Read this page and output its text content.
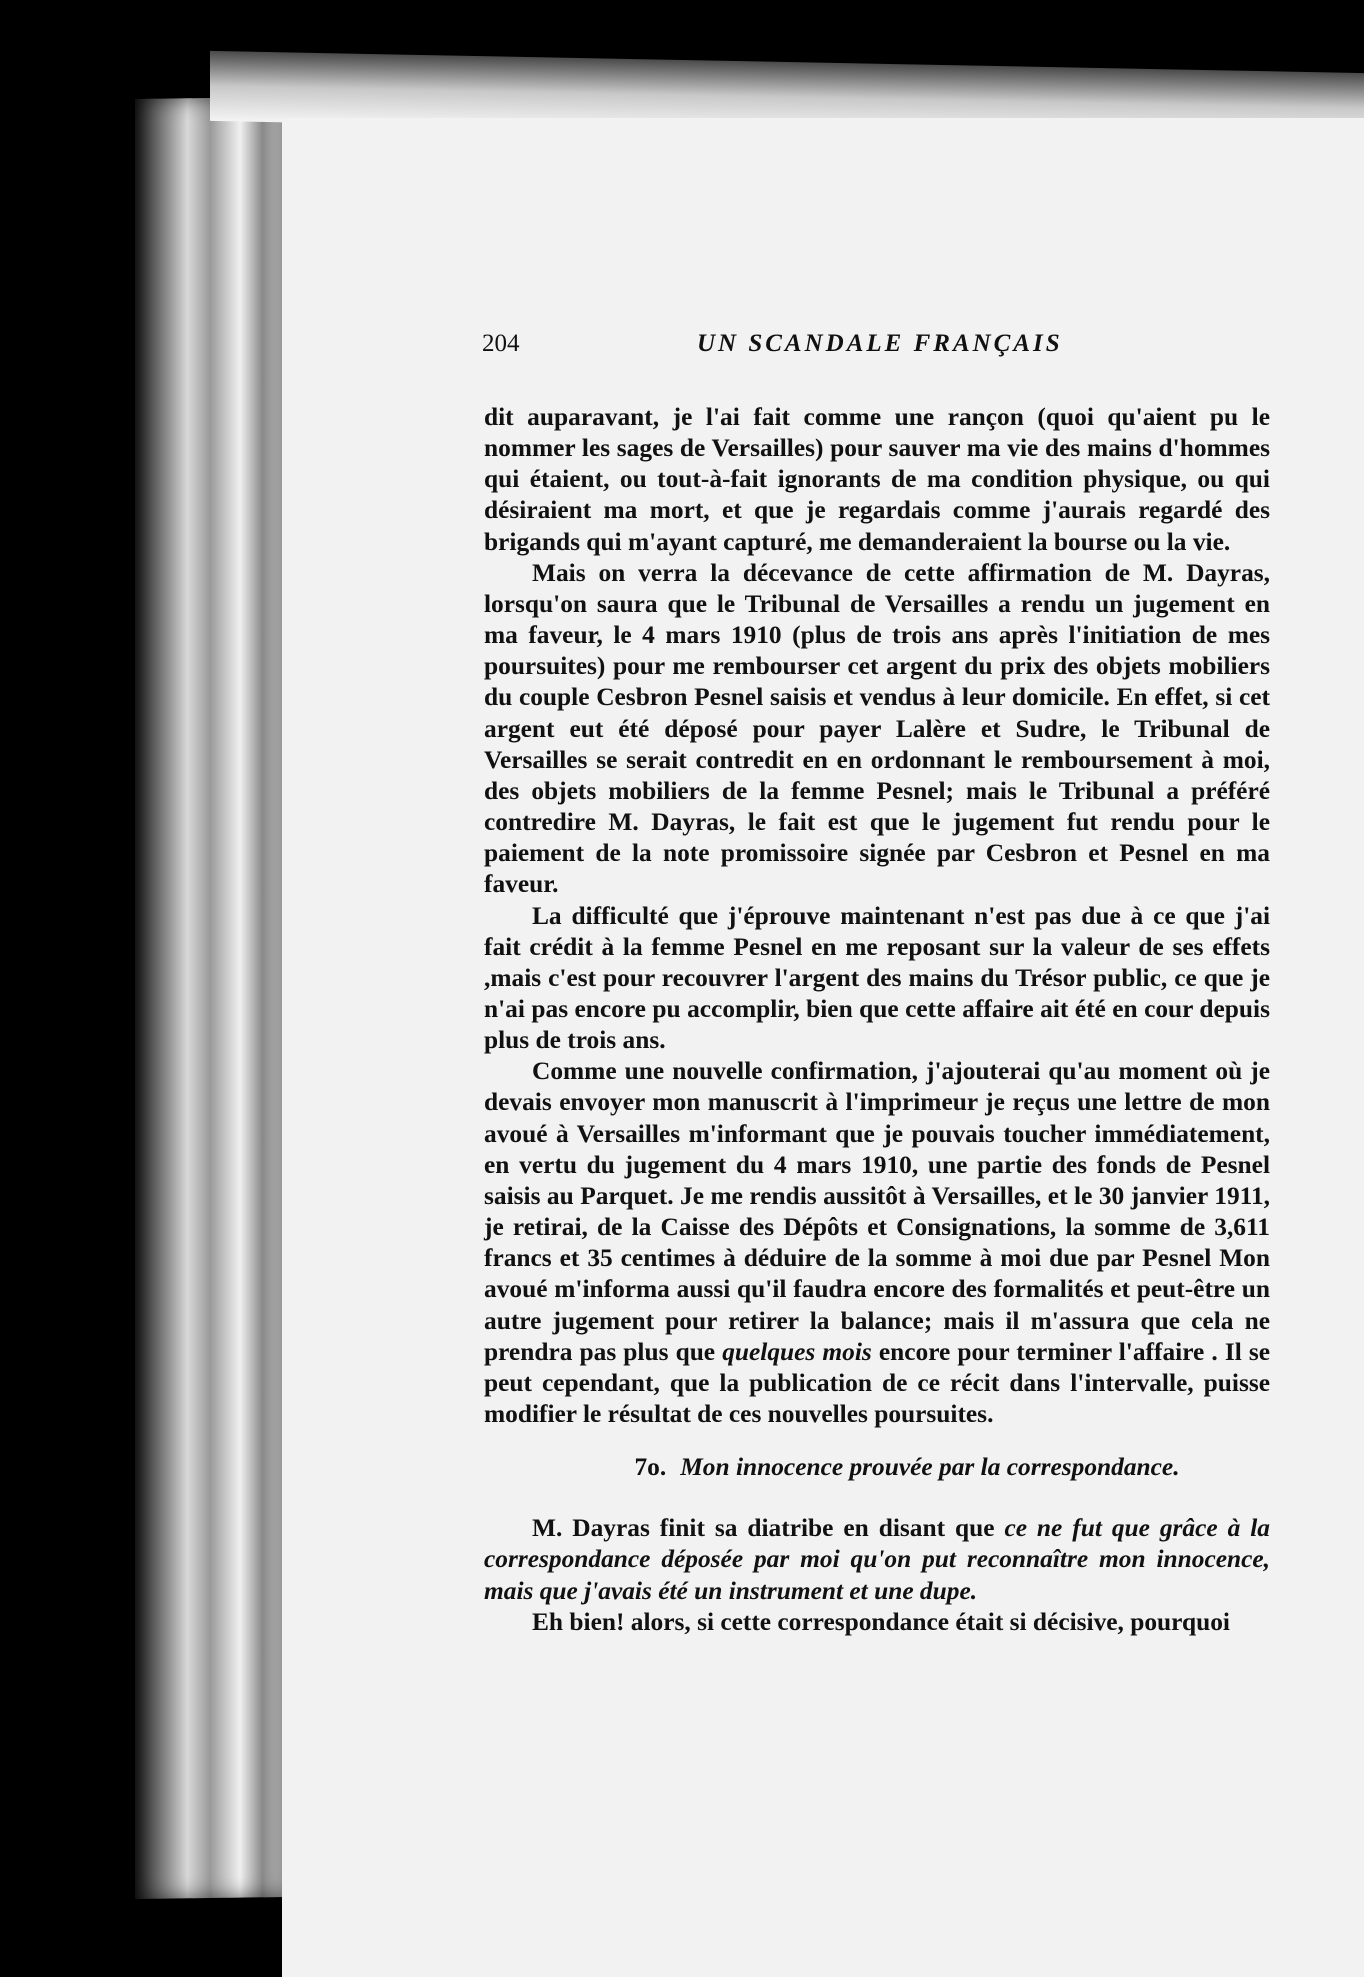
204	UN SCANDALE FRANÇAIS

dit auparavant, je l'ai fait comme une rançon (quoi qu'aient pu le nommer les sages de Versailles) pour sauver ma vie des mains d'hommes qui étaient, ou tout-à-fait ignorants de ma condition physique, ou qui désiraient ma mort, et que je regardais comme j'aurais regardé des brigands qui m'ayant capturé, me demanderaient la bourse ou la vie.

Mais on verra la décevance de cette affirmation de M. Dayras, lorsqu'on saura que le Tribunal de Versailles a rendu un jugement en ma faveur, le 4 mars 1910 (plus de trois ans après l'initiation de mes poursuites) pour me rembourser cet argent du prix des objets mobiliers du couple Cesbron Pesnel saisis et vendus à leur domicile. En effet, si cet argent eut été déposé pour payer Lalère et Sudre, le Tribunal de Versailles se serait contredit en en ordonnant le remboursement à moi, des objets mobiliers de la femme Pesnel; mais le Tribunal a préféré contredire M. Dayras, le fait est que le jugement fut rendu pour le paiement de la note promissoire signée par Cesbron et Pesnel en ma faveur.

La difficulté que j'éprouve maintenant n'est pas due à ce que j'ai fait crédit à la femme Pesnel en me reposant sur la valeur de ses effets ,mais c'est pour recouvrer l'argent des mains du Trésor public, ce que je n'ai pas encore pu accomplir, bien que cette affaire ait été en cour depuis plus de trois ans.

Comme une nouvelle confirmation, j'ajouterai qu'au moment où je devais envoyer mon manuscrit à l'imprimeur je reçus une lettre de mon avoué à Versailles m'informant que je pouvais toucher immédiatement, en vertu du jugement du 4 mars 1910, une partie des fonds de Pesnel saisis au Parquet. Je me rendis aussitôt à Versailles, et le 30 janvier 1911, je retirai, de la Caisse des Dépôts et Consignations, la somme de 3,611 francs et 35 centimes à déduire de la somme à moi due par Pesnel Mon avoué m'informa aussi qu'il faudra encore des formalités et peut-être un autre jugement pour retirer la balance; mais il m'assura que cela ne prendra pas plus que quelques mois encore pour terminer l'affaire . Il se peut cependant, que la publication de ce récit dans l'intervalle, puisse modifier le résultat de ces nouvelles poursuites.

7o. Mon innocence prouvée par la correspondance.

M. Dayras finit sa diatribe en disant que ce ne fut que grâce à la correspondance déposée par moi qu'on put reconnaître mon innocence, mais que j'avais été un instrument et une dupe.

Eh bien! alors, si cette correspondance était si décisive, pourquoi
